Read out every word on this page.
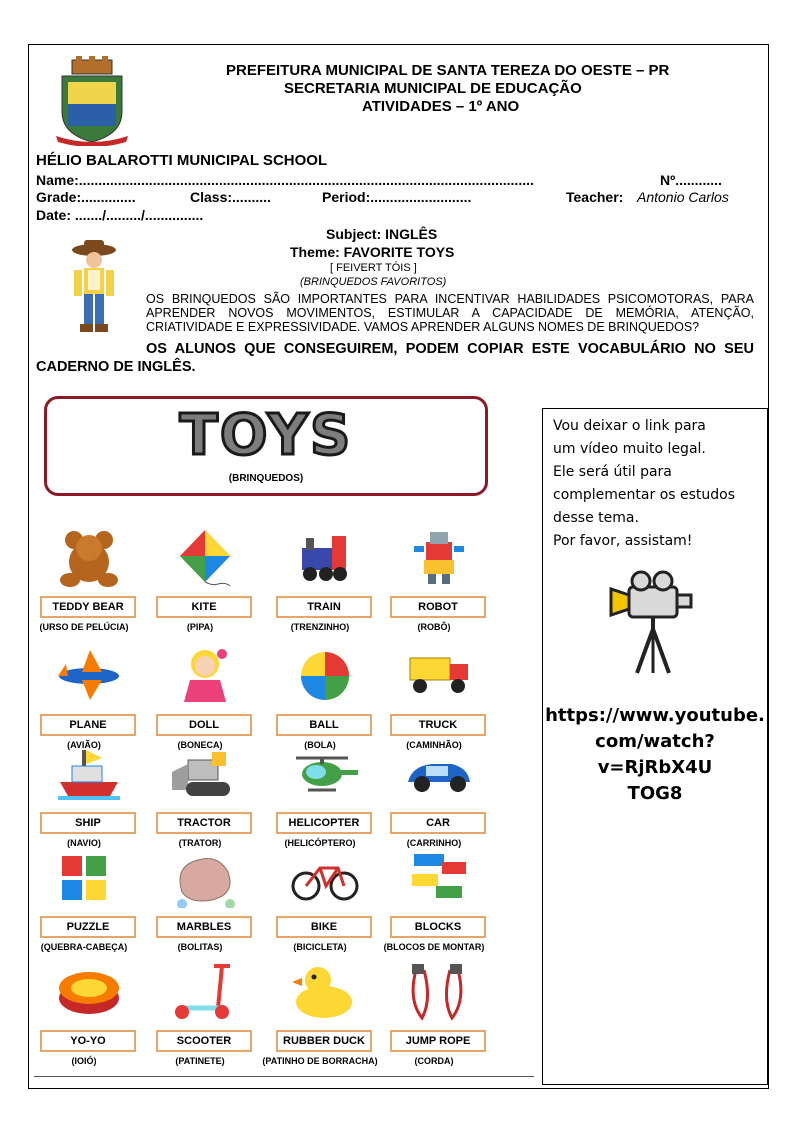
PREFEITURA MUNICIPAL DE SANTA TEREZA DO OESTE – PR
SECRETARIA MUNICIPAL DE EDUCAÇÃO
ATIVIDADES – 1º ANO
HÉLIO BALAROTTI MUNICIPAL SCHOOL
Name:.....................................................................................................................	Nº............
Grade:..............	Class:..........	Period:..........................	Teacher: Antonio Carlos
Date: ......./........./...............
Subject: INGLÊS
Theme: FAVORITE TOYS
[ FEIVERT TÓIS ]
(BRINQUEDOS FAVORITOS)
OS BRINQUEDOS SÃO IMPORTANTES PARA INCENTIVAR HABILIDADES PSICOMOTORAS, PARA APRENDER NOVOS MOVIMENTOS, ESTIMULAR A CAPACIDADE DE MEMÓRIA, ATENÇÃO, CRIATIVIDADE E EXPRESSIVIDADE. VAMOS APRENDER ALGUNS NOMES DE BRINQUEDOS?
OS ALUNOS QUE CONSEGUIREM, PODEM COPIAR ESTE VOCABULÁRIO NO SEU CADERNO DE INGLÊS.
TOYS
(BRINQUEDOS)
TEDDY BEAR
(URSO DE PELÚCIA)
KITE
(PIPA)
TRAIN
(TRENZINHO)
ROBOT
(ROBÔ)
PLANE
(AVIÃO)
DOLL
(BONECA)
BALL
(BOLA)
TRUCK
(CAMINHÃO)
SHIP
(NAVIO)
TRACTOR
(TRATOR)
HELICOPTER
(HELICÓPTERO)
CAR
(CARRINHO)
PUZZLE
(QUEBRA-CABEÇA)
MARBLES
(BOLITAS)
BIKE
(BICICLETA)
BLOCKS
(BLOCOS DE MONTAR)
YO-YO
(IOIÓ)
SCOOTER
(PATINETE)
RUBBER DUCK
(PATINHO DE BORRACHA)
JUMP ROPE
(CORDA)
Vou deixar o link para
um vídeo muito legal.
Ele será útil para
complementar os estudos
desse tema.
Por favor, assistam!
https://www.youtube.
com/watch?v=RjRbX4U
TOG8
